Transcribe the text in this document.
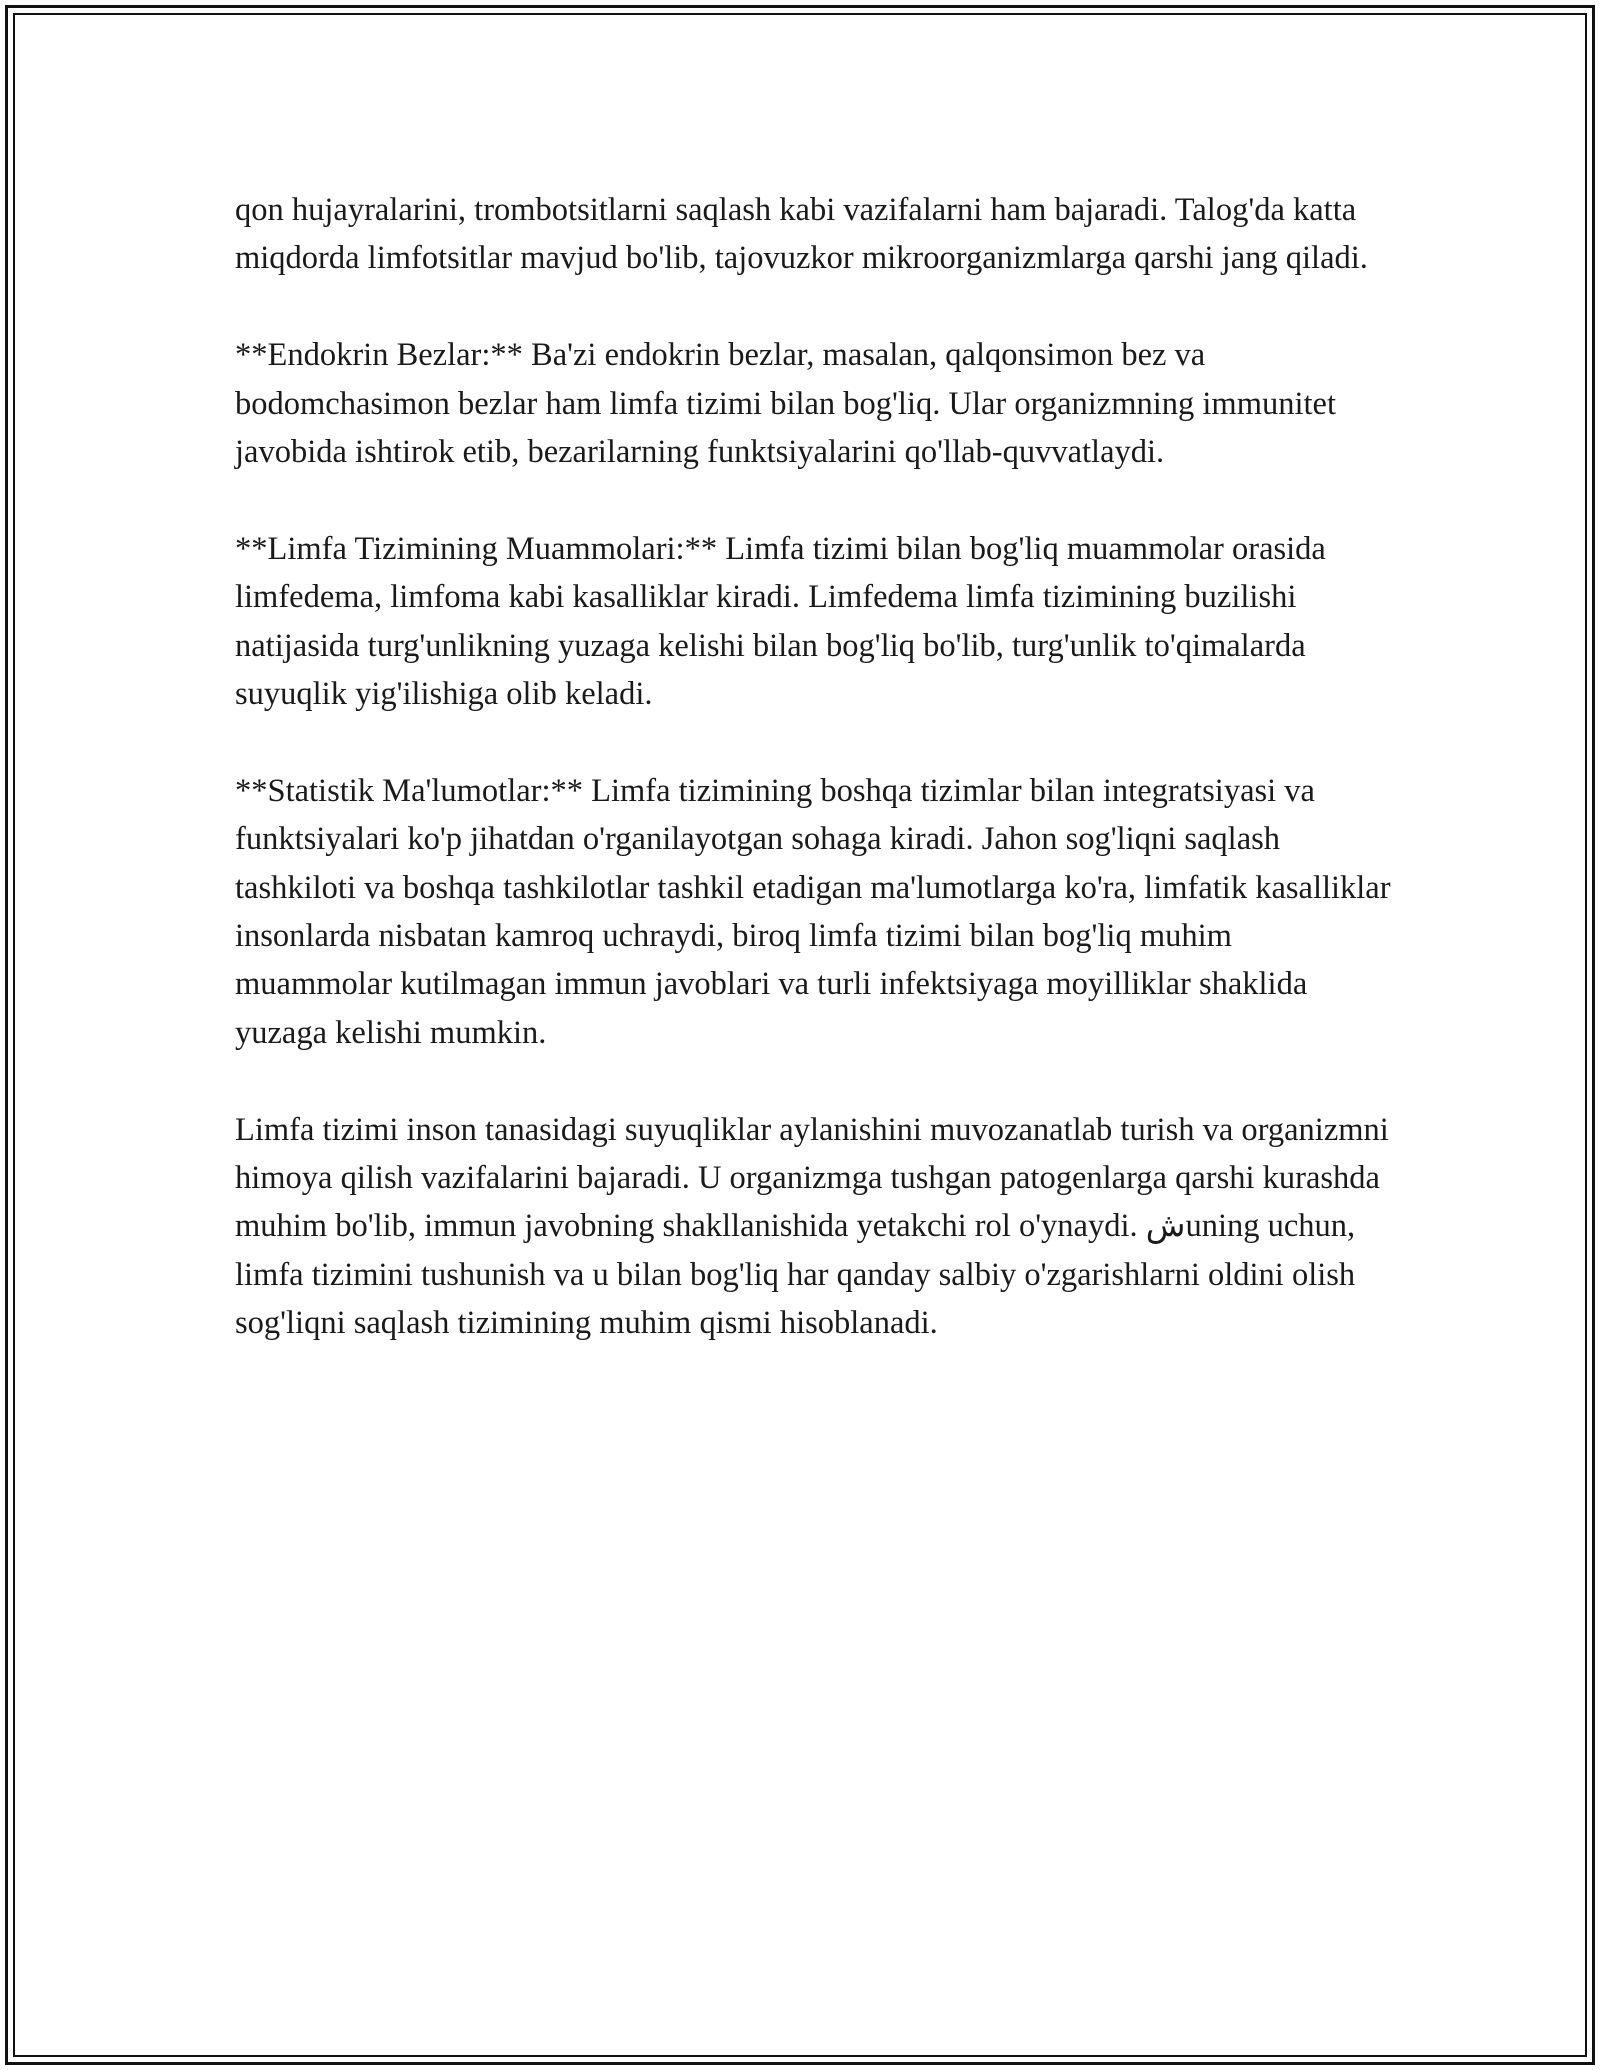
qon hujayralarini, trombotsitlarni saqlash kabi vazifalarni ham bajaradi. Talog'da katta miqdorda limfotsitlar mavjud bo'lib, tajovuzkor mikroorganizmlarga qarshi jang qiladi.

**Endokrin Bezlar:** Ba'zi endokrin bezlar, masalan, qalqonsimon bez va bodomchasimon bezlar ham limfa tizimi bilan bog'liq. Ular organizmning immunitet javobida ishtirok etib, bezarilarning funktsiyalarini qo'llab-quvvatlaydi.

**Limfa Tizimining Muammolari:** Limfa tizimi bilan bog'liq muammolar orasida limfedema, limfoma kabi kasalliklar kiradi. Limfedema limfa tizimining buzilishi natijasida turg'unlikning yuzaga kelishi bilan bog'liq bo'lib, turg'unlik to'qimalarda suyuqlik yig'ilishiga olib keladi.

**Statistik Ma'lumotlar:** Limfa tizimining boshqa tizimlar bilan integratsiyasi va funktsiyalari ko'p jihatdan o'rganilayotgan sohaga kiradi. Jahon sog'liqni saqlash tashkiloti va boshqa tashkilotlar tashkil etadigan ma'lumotlarga ko'ra, limfatik kasalliklar insonlarda nisbatan kamroq uchraydi, biroq limfa tizimi bilan bog'liq muhim muammolar kutilmagan immun javoblari va turli infektsiyaga moyilliklar shaklida yuzaga kelishi mumkin.

Limfa tizimi inson tanasidagi suyuqliklar aylanishini muvozanatlab turish va organizmni himoya qilish vazifalarini bajaradi. U organizmga tushgan patogenlarga qarshi kurashda muhim bo'lib, immun javobning shakllanishida yetakchi rol o'ynaydi. شuning uchun, limfa tizimini tushunish va u bilan bog'liq har qanday salbiy o'zgarishlarni oldini olish sog'liqni saqlash tizimining muhim qismi hisoblanadi.
